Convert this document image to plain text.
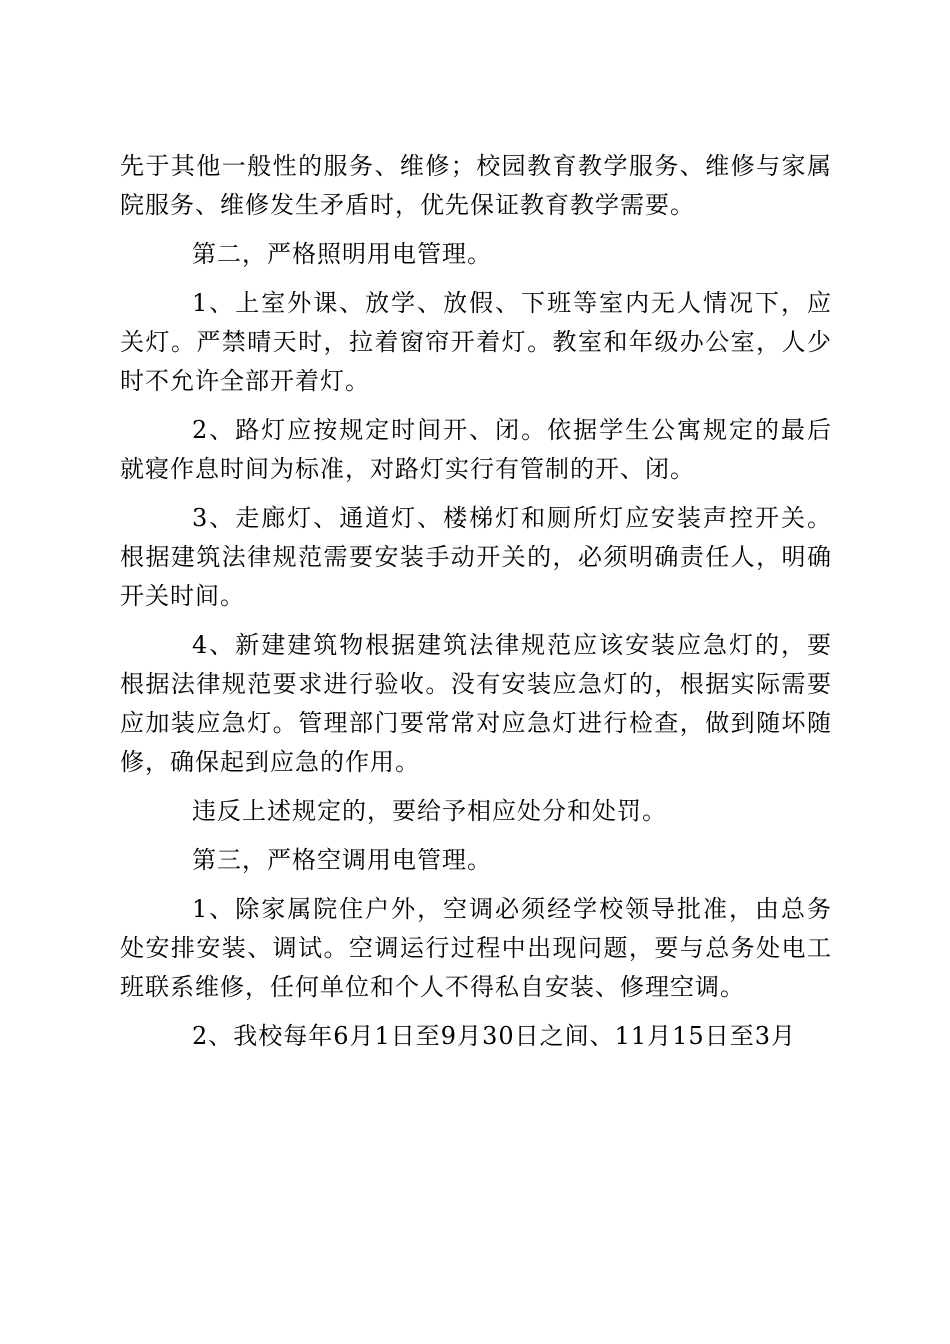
先于其他一般性的服务、维修；校园教育教学服务、维修与家属院服务、维修发生矛盾时，优先保证教育教学需要。

第二，严格照明用电管理。

1、上室外课、放学、放假、下班等室内无人情况下，应关灯。严禁晴天时，拉着窗帘开着灯。教室和年级办公室，人少时不允许全部开着灯。

2、路灯应按规定时间开、闭。依据学生公寓规定的最后就寝作息时间为标准，对路灯实行有管制的开、闭。

3、走廊灯、通道灯、楼梯灯和厕所灯应安装声控开关。根据建筑法律规范需要安装手动开关的，必须明确责任人，明确开关时间。

4、新建建筑物根据建筑法律规范应该安装应急灯的，要根据法律规范要求进行验收。没有安装应急灯的，根据实际需要应加装应急灯。管理部门要常常对应急灯进行检查，做到随坏随修，确保起到应急的作用。

违反上述规定的，要给予相应处分和处罚。

第三，严格空调用电管理。

1、除家属院住户外，空调必须经学校领导批准，由总务处安排安装、调试。空调运行过程中出现问题，要与总务处电工班联系维修，任何单位和个人不得私自安装、修理空调。

2、我校每年6月1日至9月30日之间、11月15日至3月
